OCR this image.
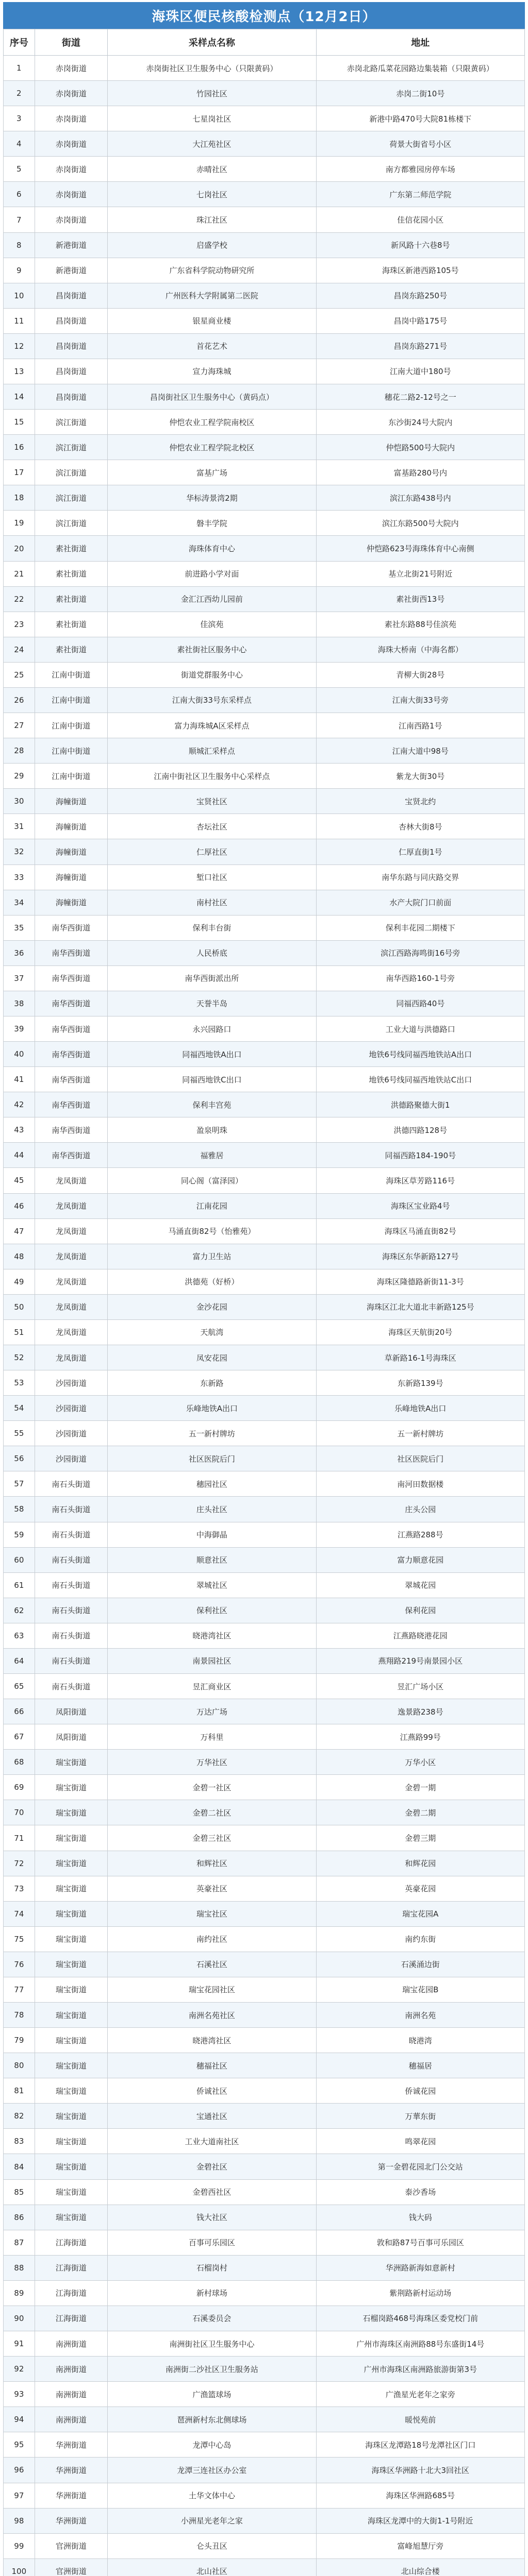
海珠区便民核酸检测点（12月2日）
序号	街道	采样点名称	地址
1	赤岗街道	赤岗街社区卫生服务中心（只限黄码）	赤岗北路瓜菜花园路边集装箱（只限黄码）
2	赤岗街道	竹园社区	赤岗二街10号
3	赤岗街道	七星岗社区	新港中路470号大院81栋楼下
4	赤岗街道	大江苑社区	荷景大街省号小区
5	赤岗街道	赤晴社区	南方都雅园房停车场
6	赤岗街道	七岗社区	广东第二师范学院
7	赤岗街道	珠江社区	佳信花园小区
8	新港街道	启盛学校	新风路十六巷8号
9	新港街道	广东省科学院动物研究所	海珠区新港西路105号
10	昌岗街道	广州医科大学附属第二医院	昌岗东路250号
11	昌岗街道	银星商业楼	昌岗中路175号
12	昌岗街道	首花艺术	昌岗东路271号
13	昌岗街道	宣力海珠城	江南大道中180号
14	昌岗街道	昌岗街社区卫生服务中心（黄码点）	穗花二路2-12号之一
15	滨江街道	仲恺农业工程学院南校区	东沙街24号大院内
16	滨江街道	仲恺农业工程学院北校区	仲恺路500号大院内
17	滨江街道	富基广场	富基路280号内
18	滨江街道	华标涛景湾2期	滨江东路438号内
19	滨江街道	磐丰学院	滨江东路500号大院内
20	素社街道	海珠体育中心	仲恺路623号海珠体育中心南侧
21	素社街道	前进路小学对面	基立北街21号附近
22	素社街道	金汇江西幼儿园前	素社街西13号
23	素社街道	佳滨苑	素社东路88号佳滨苑
24	素社街道	素社街社区服务中心	海珠大桥南（中海名都）
25	江南中街道	街道党群服务中心	青柳大街28号
26	江南中街道	江南大街33号东采样点	江南大街33号旁
27	江南中街道	富力海珠城A区采样点	江南西路1号
28	江南中街道	顺城汇采样点	江南大道中98号
29	江南中街道	江南中街社区卫生服务中心采样点	紫龙大街30号
30	海幢街道	宝贤社区	宝贤北约
31	海幢街道	杏坛社区	杏林大街8号
32	海幢街道	仁厚社区	仁厚直街1号
33	海幢街道	堑口社区	南华东路与同庆路交界
34	海幢街道	南村社区	水产大院门口前面
35	南华西街道	保利丰台街	保利丰花园二期楼下
36	南华西街道	人民桥底	滨江西路海鸣街16号旁
37	南华西街道	南华西街派出所	南华西路160-1号旁
38	南华西街道	天誉半岛	同福西路40号
39	南华西街道	永兴园路口	工业大道与洪德路口
40	南华西街道	同福西地铁A出口	地铁6号线同福西地铁站A出口
41	南华西街道	同福西地铁C出口	地铁6号线同福西地铁站C出口
42	南华西街道	保利丰宫苑	洪德路聚德大街1
43	南华西街道	盈泉明珠	洪德四路128号
44	南华西街道	福雅居	同福西路184-190号
45	龙凤街道	同心阁（富泽园）	海珠区草芳路116号
46	龙凤街道	江南花园	海珠区宝业路4号
47	龙凤街道	马涌直街82号（怡雅苑）	海珠区马涌直街82号
48	龙凤街道	富力卫生站	海珠区东华新路127号
49	龙凤街道	洪德苑（好桥）	海珠区隆德路新街11-3号
50	龙凤街道	金沙花园	海珠区江北大道北丰新路125号
51	龙凤街道	天航湾	海珠区天航街20号
52	龙凤街道	凤安花园	草新路16-1号海珠区
53	沙园街道	东新路	东新路139号
54	沙园街道	乐峰地铁A出口	乐峰地铁A出口
55	沙园街道	五一新村牌坊	五一新村牌坊
56	沙园街道	社区医院后门	社区医院后门
57	南石头街道	穗园社区	南河田数据楼
58	南石头街道	庄头社区	庄头公园
59	南石头街道	中海御晶	江燕路288号
60	南石头街道	顺意社区	富力顺意花园
61	南石头街道	翠城社区	翠城花园
62	南石头街道	保利社区	保利花园
63	南石头街道	晓港湾社区	江燕路晓港花园
64	南石头街道	南景园社区	燕翔路219号南景园小区
65	南石头街道	昱汇商业区	昱汇广场小区
66	凤阳街道	万达广场	逸景路238号
67	凤阳街道	万科里	江燕路99号
68	瑞宝街道	万华社区	万华小区
69	瑞宝街道	金碧一社区	金碧一期
70	瑞宝街道	金碧二社区	金碧二期
71	瑞宝街道	金碧三社区	金碧三期
72	瑞宝街道	和辉社区	和辉花园
73	瑞宝街道	英豪社区	英豪花园
74	瑞宝街道	瑞宝社区	瑞宝花园A
75	瑞宝街道	南约社区	南约东街
76	瑞宝街道	石溪社区	石溪涌边街
77	瑞宝街道	瑞宝花园社区	瑞宝花园B
78	瑞宝街道	南洲名苑社区	南洲名苑
79	瑞宝街道	晓港湾社区	晓港湾
80	瑞宝街道	穗福社区	穗福居
81	瑞宝街道	侨诚社区	侨诚花园
82	瑞宝街道	宝通社区	万華东街
83	瑞宝街道	工业大道南社区	鸣翠花园
84	瑞宝街道	金碧社区	第一金碧花园北门公交站
85	瑞宝街道	金碧西社区	泰沙香场
86	瑞宝街道	钱大社区	钱大码
87	江海街道	百事可乐园区	敦和路87号百事可乐园区
88	江海街道	石榴岗村	华洲路新海如意新村
89	江海街道	新村球场	紫荆路新村运动场
90	江海街道	石溪委员会	石榴岗路468号海珠区委党校门前
91	南洲街道	南洲街社区卫生服务中心	广州市海珠区南洲路88号东盛街14号
92	南洲街道	南洲街二沙社区卫生服务站	广州市海珠区南洲路旅游街第3号
93	南洲街道	广渔篮球场	广渔星光老年之家旁
94	南洲街道	琶洲新村东北侧球场	暖悦苑前
95	华洲街道	龙潭中心岛	海珠区龙潭路18号龙潭社区门口
96	华洲街道	龙潭三连社区办公室	海珠区华洲路十北大3回社区
97	华洲街道	土华文体中心	海珠区华洲路685号
98	华洲街道	小洲星光老年之家	海珠区龙潭中的大街1-1号附近
99	官洲街道	仑头丑区	富峰旭慧厅旁
100	官洲街道	北山社区	北山综合楼
